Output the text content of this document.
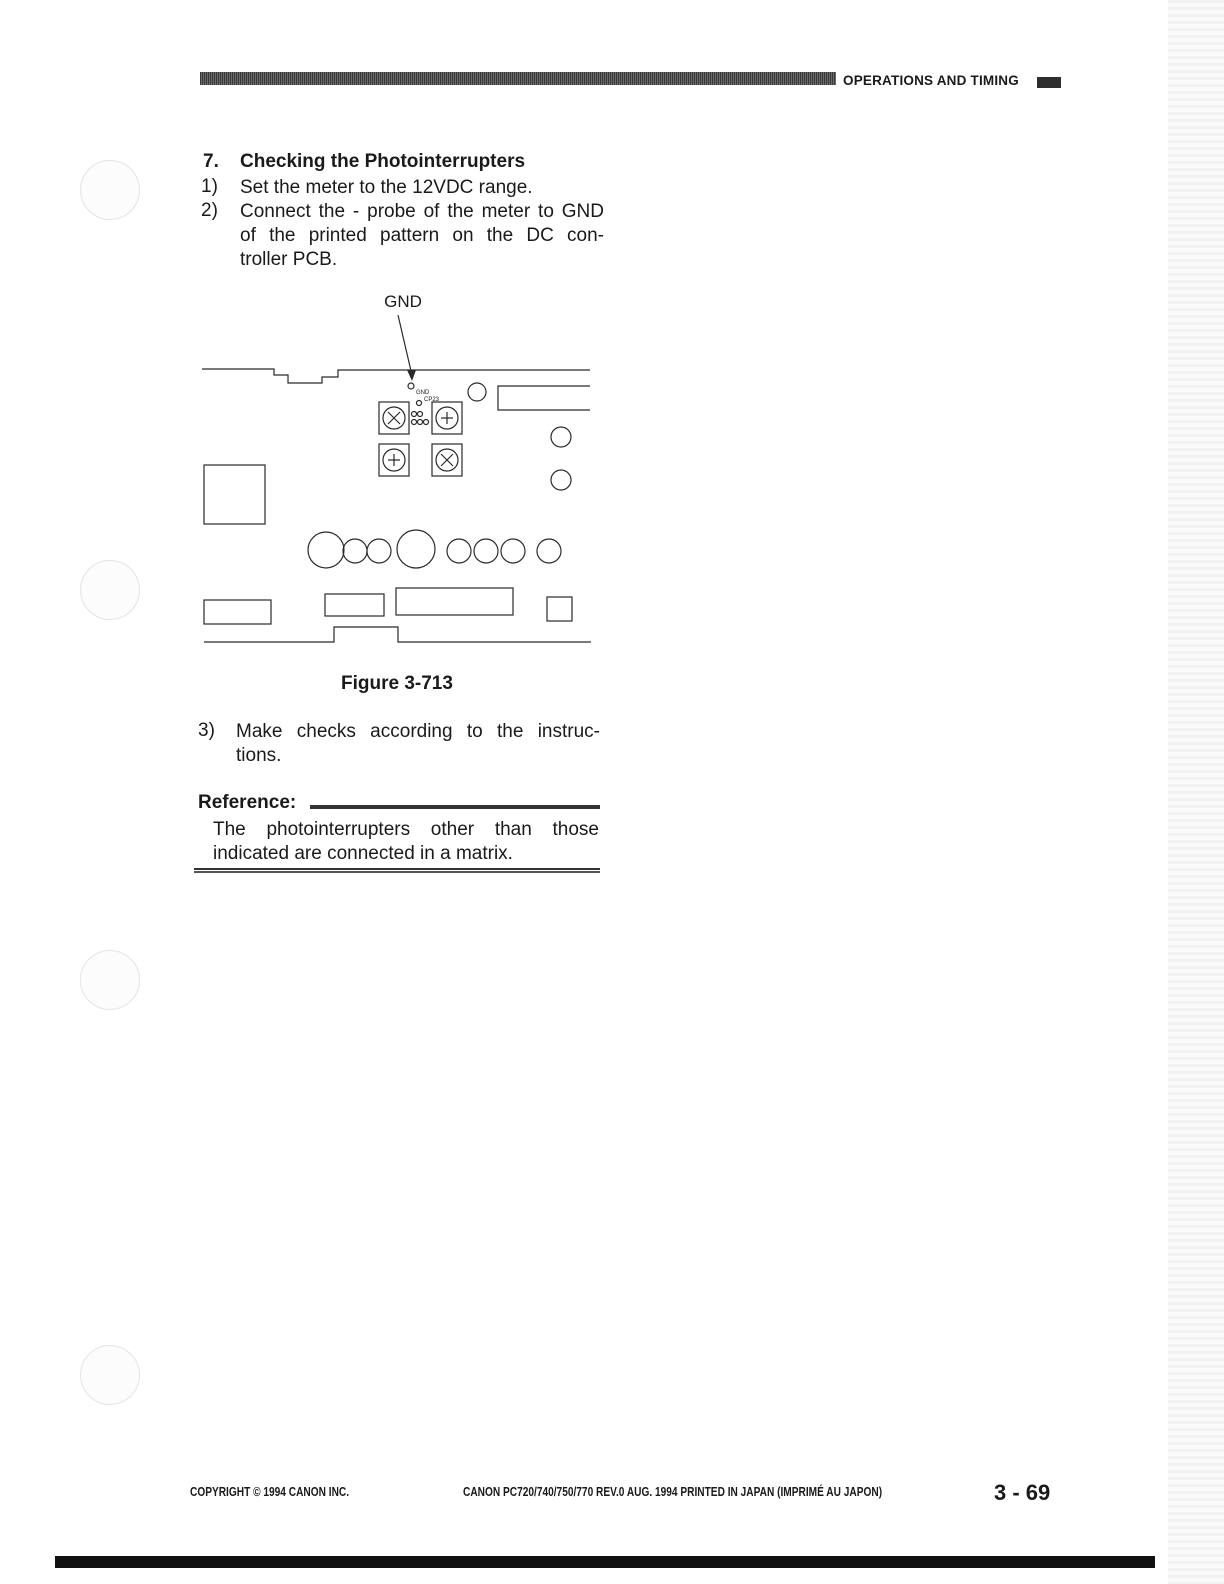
OPERATIONS AND TIMING
7. Checking the Photointerrupters
1) Set the meter to the 12VDC range.
2) Connect the - probe of the meter to GND
of the printed pattern on the DC con-
troller PCB.
GND
GND
CP23
Figure 3-713
3) Make checks according to the instruc-
tions.
Reference:
The photointerrupters other than those
indicated are connected in a matrix.
COPYRIGHT © 1994 CANON INC.	CANON PC720/740/750/770 REV.0 AUG. 1994 PRINTED IN JAPAN (IMPRIMÉ AU JAPON)	3 - 69
